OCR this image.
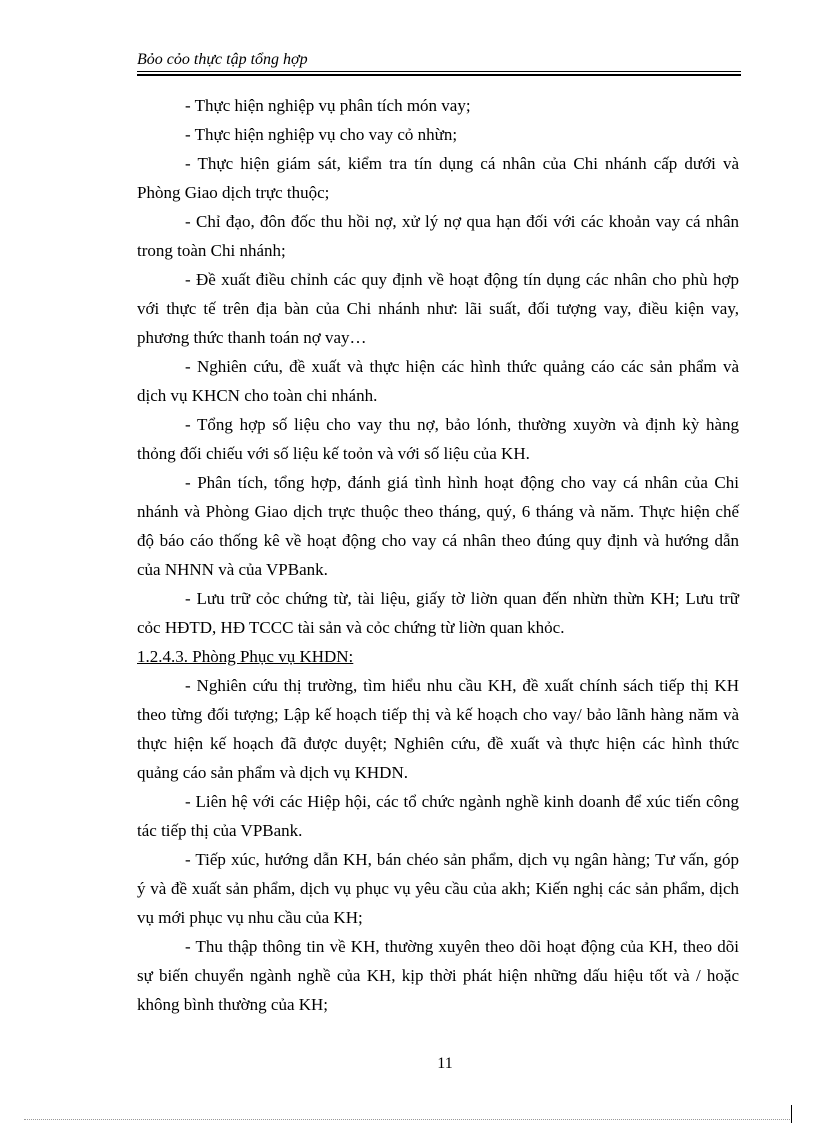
Bỏo cỏo thực tập tổng hợp

- Thực hiện nghiệp vụ phân tích món vay;

- Thực hiện nghiệp vụ cho vay cỏ nhừn;

- Thực hiện giám sát, kiểm tra tín dụng cá nhân của Chi nhánh cấp dưới và Phòng Giao dịch trực thuộc;

- Chỉ đạo, đôn đốc thu hồi nợ, xử lý nợ qua hạn đối với các khoản vay cá nhân trong toàn Chi nhánh;

- Đề xuất điều chỉnh các quy định về hoạt động tín dụng các nhân cho phù hợp với thực tế trên địa bàn của Chi nhánh như: lãi suất, đối tượng vay, điều kiện vay, phương thức thanh toán nợ vay…

- Nghiên cứu, đề xuất và thực hiện các hình thức quảng cáo các sản phẩm và dịch vụ KHCN cho toàn chi nhánh.

- Tổng hợp số liệu cho vay thu nợ, bảo lónh, thường xuyờn và định kỳ hàng thỏng đối chiếu với số liệu kế toỏn và với số liệu của KH.

- Phân tích, tổng hợp, đánh giá tình hình hoạt động cho vay cá nhân của Chi nhánh và Phòng Giao dịch trực thuộc theo tháng, quý, 6 tháng và năm. Thực hiện chế độ báo cáo thống kê về hoạt động cho vay cá nhân theo đúng quy định và hướng dẫn của NHNN và của VPBank.

- Lưu trữ cỏc chứng từ, tài liệu, giấy tờ liờn quan đến nhừn thừn KH; Lưu trữ cỏc HĐTD, HĐ TCCC tài sản và cỏc chứng từ liờn quan khỏc.

1.2.4.3. Phòng Phục vụ KHDN:

- Nghiên cứu thị trường, tìm hiểu nhu cầu KH, đề xuất chính sách tiếp thị KH theo từng đối tượng; Lập kế hoạch tiếp thị và kế hoạch cho vay/ bảo lãnh hàng năm và thực hiện kế hoạch đã được duyệt; Nghiên cứu, đề xuất và thực hiện các hình thức quảng cáo sản phẩm và dịch vụ KHDN.

- Liên hệ với các Hiệp hội, các tổ chức ngành nghề kinh doanh để xúc tiến công tác tiếp thị của VPBank.

- Tiếp xúc, hướng dẫn KH, bán chéo sản phẩm, dịch vụ ngân hàng; Tư vấn, góp ý và đề xuất sản phẩm, dịch vụ phục vụ yêu cầu của akh; Kiến nghị các sản phẩm, dịch vụ mới phục vụ nhu cầu của KH;

- Thu thập thông tin về KH, thường xuyên theo dõi hoạt động của KH, theo dõi sự biến chuyển ngành nghề của KH, kịp thời phát hiện những dấu hiệu tốt và / hoặc không bình thường của KH;

11
